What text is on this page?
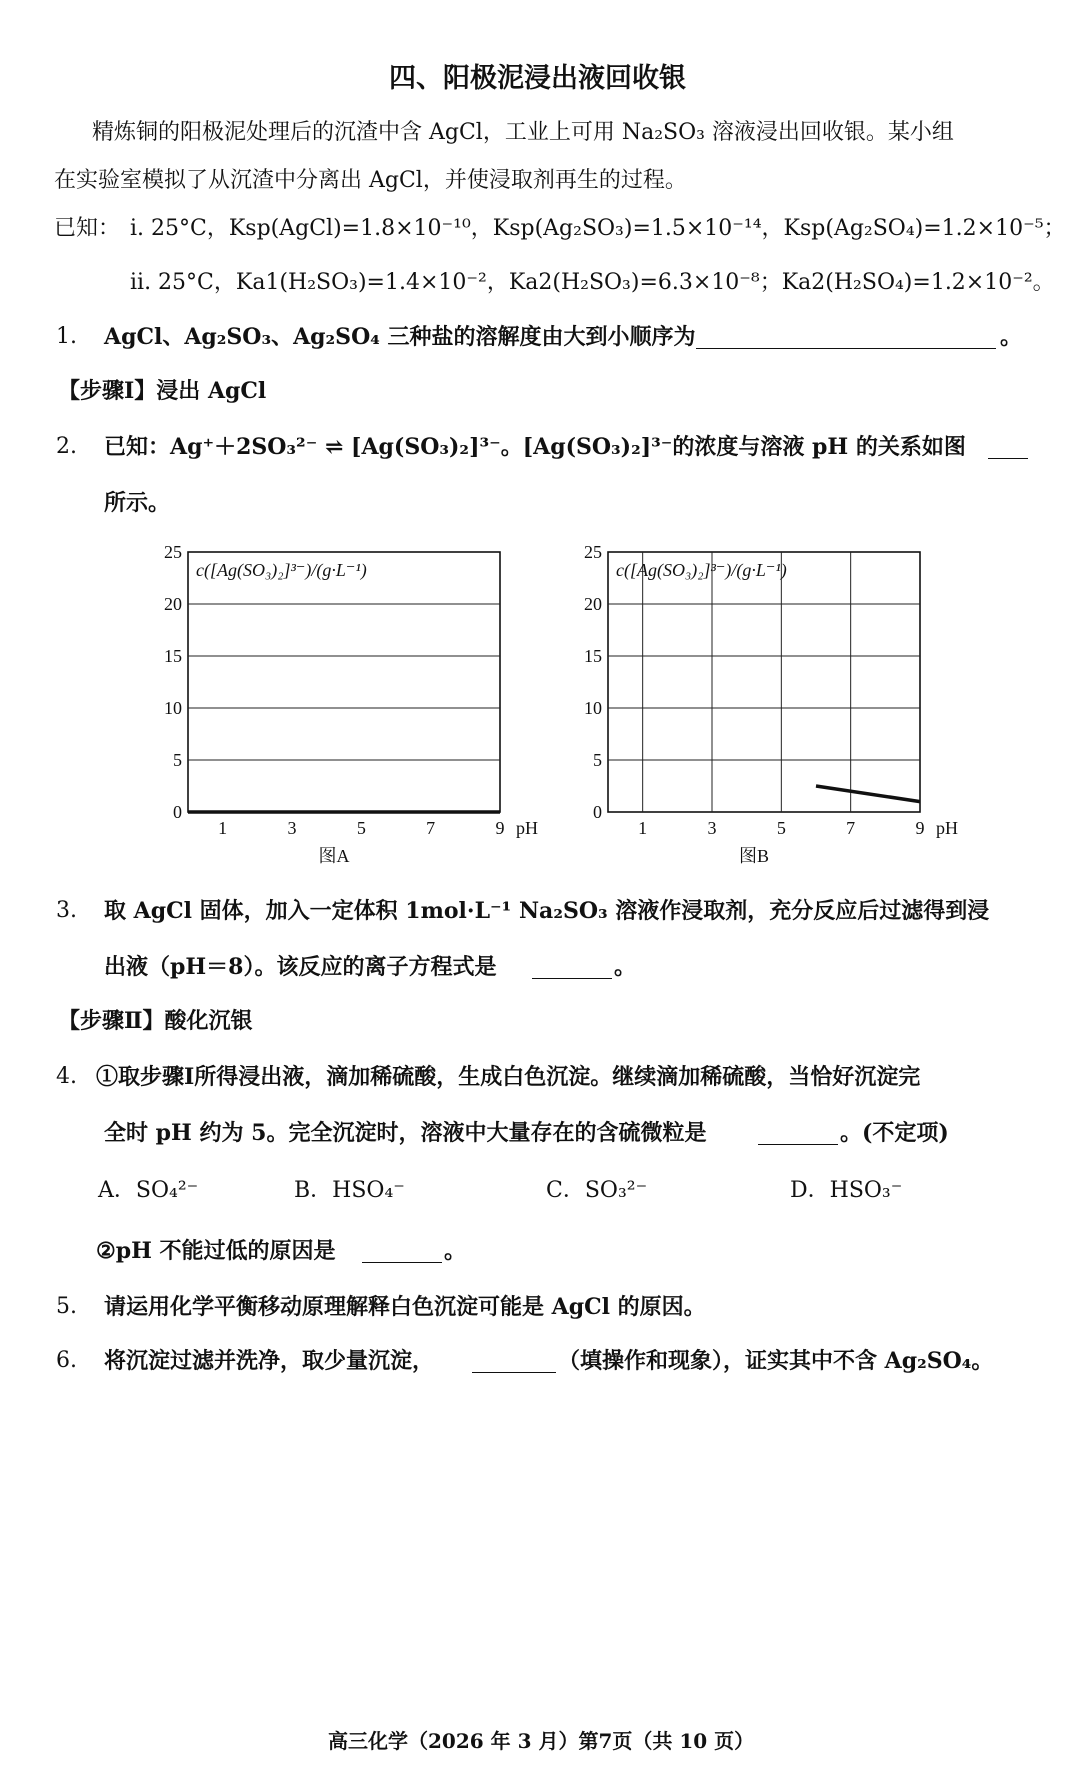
四、阳极泥浸出液回收银
精炼铜的阳极泥处理后的沉渣中含 AgCl，工业上可用 Na₂SO₃ 溶液浸出回收银。某小组
在实验室模拟了从沉渣中分离出 AgCl，并使浸取剂再生的过程。
已知： i. 25°C，Ksp(AgCl)=1.8×10⁻¹⁰，Ksp(Ag₂SO₃)=1.5×10⁻¹⁴，Ksp(Ag₂SO₄)=1.2×10⁻⁵；
ii. 25°C，Ka1(H₂SO₃)=1.4×10⁻²，Ka2(H₂SO₃)=6.3×10⁻⁸；Ka2(H₂SO₄)=1.2×10⁻²。
1. AgCl、Ag₂SO₃、Ag₂SO₄ 三种盐的溶解度由大到小顺序为	。
【步骤Ⅰ】浸出 AgCl
2. 已知：Ag⁺＋2SO₃²⁻ ⇌ [Ag(SO₃)₂]³⁻。[Ag(SO₃)₂]³⁻的浓度与溶液 pH 的关系如图
所示。
0
5
10
15
20
25
1	3	5	7	9 pH
c([Ag(SO₃)₂]³⁻)/(g·L⁻¹)
图A
0
5
10
15
20
25
1	3	5	7	9 pH
c([Ag(SO₃)₂]³⁻)/(g·L⁻¹)
图B
3. 取 AgCl 固体，加入一定体积 1mol·L⁻¹ Na₂SO₃ 溶液作浸取剂，充分反应后过滤得到浸
出液（pH＝8）。该反应的离子方程式是	。
【步骤Ⅱ】酸化沉银
4. ①取步骤Ⅰ所得浸出液，滴加稀硫酸，生成白色沉淀。继续滴加稀硫酸，当恰好沉淀完
全时 pH 约为 5。完全沉淀时，溶液中大量存在的含硫微粒是	。(不定项)
A．SO₄²⁻	B．HSO₄⁻	C．SO₃²⁻	D．HSO₃⁻
②pH 不能过低的原因是	。
5. 请运用化学平衡移动原理解释白色沉淀可能是 AgCl 的原因。
6. 将沉淀过滤并洗净，取少量沉淀，	（填操作和现象），证实其中不含 Ag₂SO₄。
高三化学（2026 年 3 月）第7页（共 10 页）
